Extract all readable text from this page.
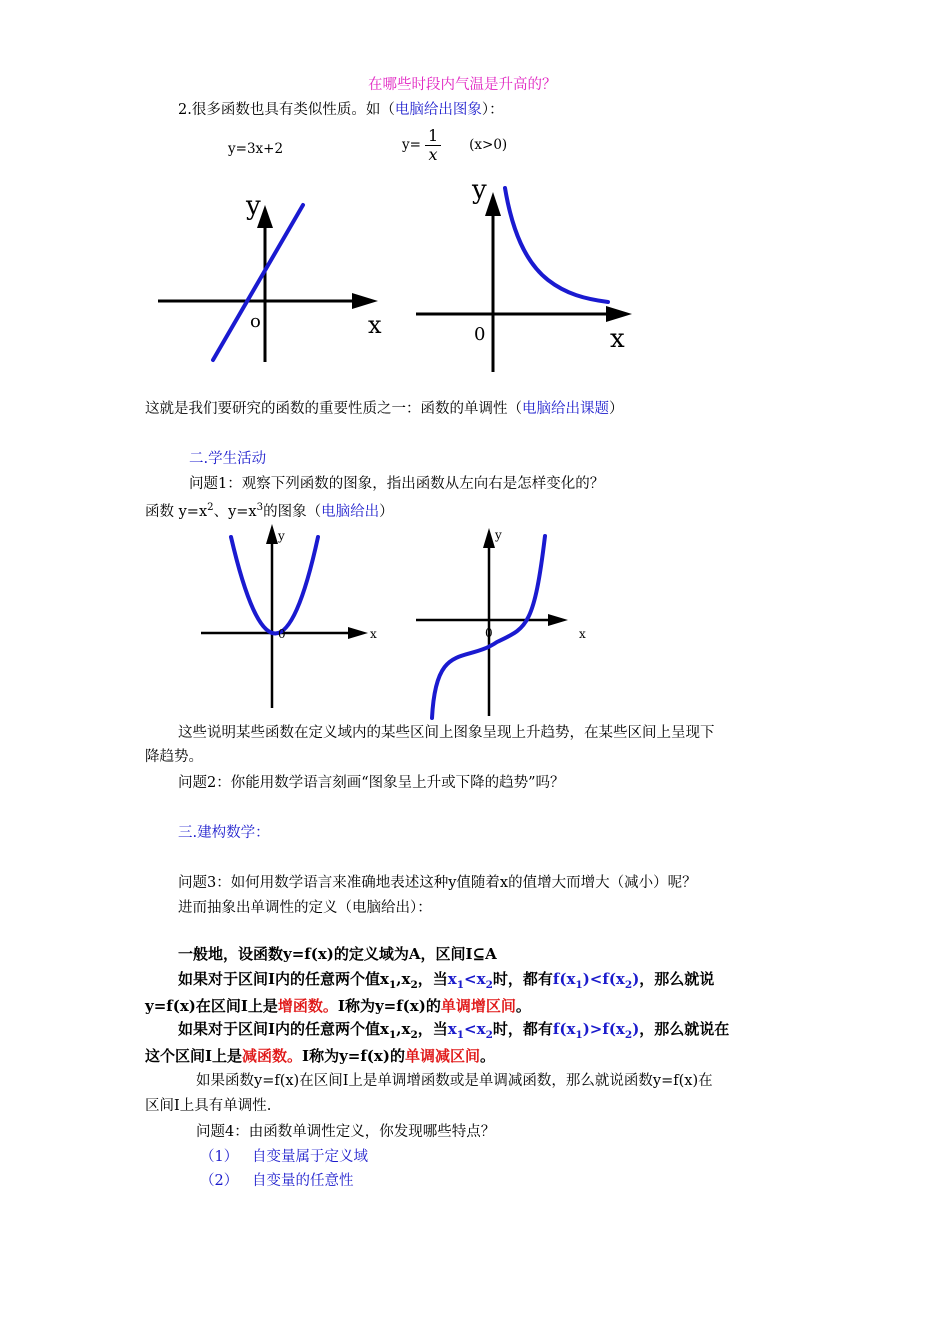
在哪些时段内气温是升高的？
2.很多函数也具有类似性质。如（电脑给出图象）：
y=3x+2	$y= \frac{1}{x} (x>0)$
y
x
o
y
x
0
这就是我们要研究的函数的重要性质之一：函数的单调性（电脑给出课题）
二.学生活动
问题1：观察下列函数的图象，指出函数从左向右是怎样变化的？
函数 $y=x^2$、$y=x^3$的图象（电脑给出）
y
x
0
y
x
0
这些说明某些函数在定义域内的某些区间上图象呈现上升趋势，在某些区间上呈现下
降趋势。
问题2：你能用数学语言刻画“图象呈上升或下降的趋势”吗？
三.建构数学：
问题3：如何用数学语言来准确地表述这种y值随着x的值增大而增大（减小）呢？
进而抽象出单调性的定义（电脑给出）：
一般地，设函数y=f(x)的定义域为A，区间I⊆A
如果对于区间I内的任意两个值$x_1,x_2$，当$x_1<x_2$时，都有$f(x_1)<f(x_2)$，那么就说
y=f(x)在区间I上是增函数。I称为y=f(x)的单调增区间。
如果对于区间I内的任意两个值$x_1,x_2$，当$x_1<x_2$时，都有$f(x_1)>f(x_2)$，那么就说在
这个区间I上是减函数。I称为y=f(x)的单调减区间。
如果函数y=f(x)在区间I上是单调增函数或是单调减函数，那么就说函数y=f(x)在
区间I上具有单调性.
问题4：由函数单调性定义，你发现哪些特点？
（1） 自变量属于定义域
（2） 自变量的任意性
